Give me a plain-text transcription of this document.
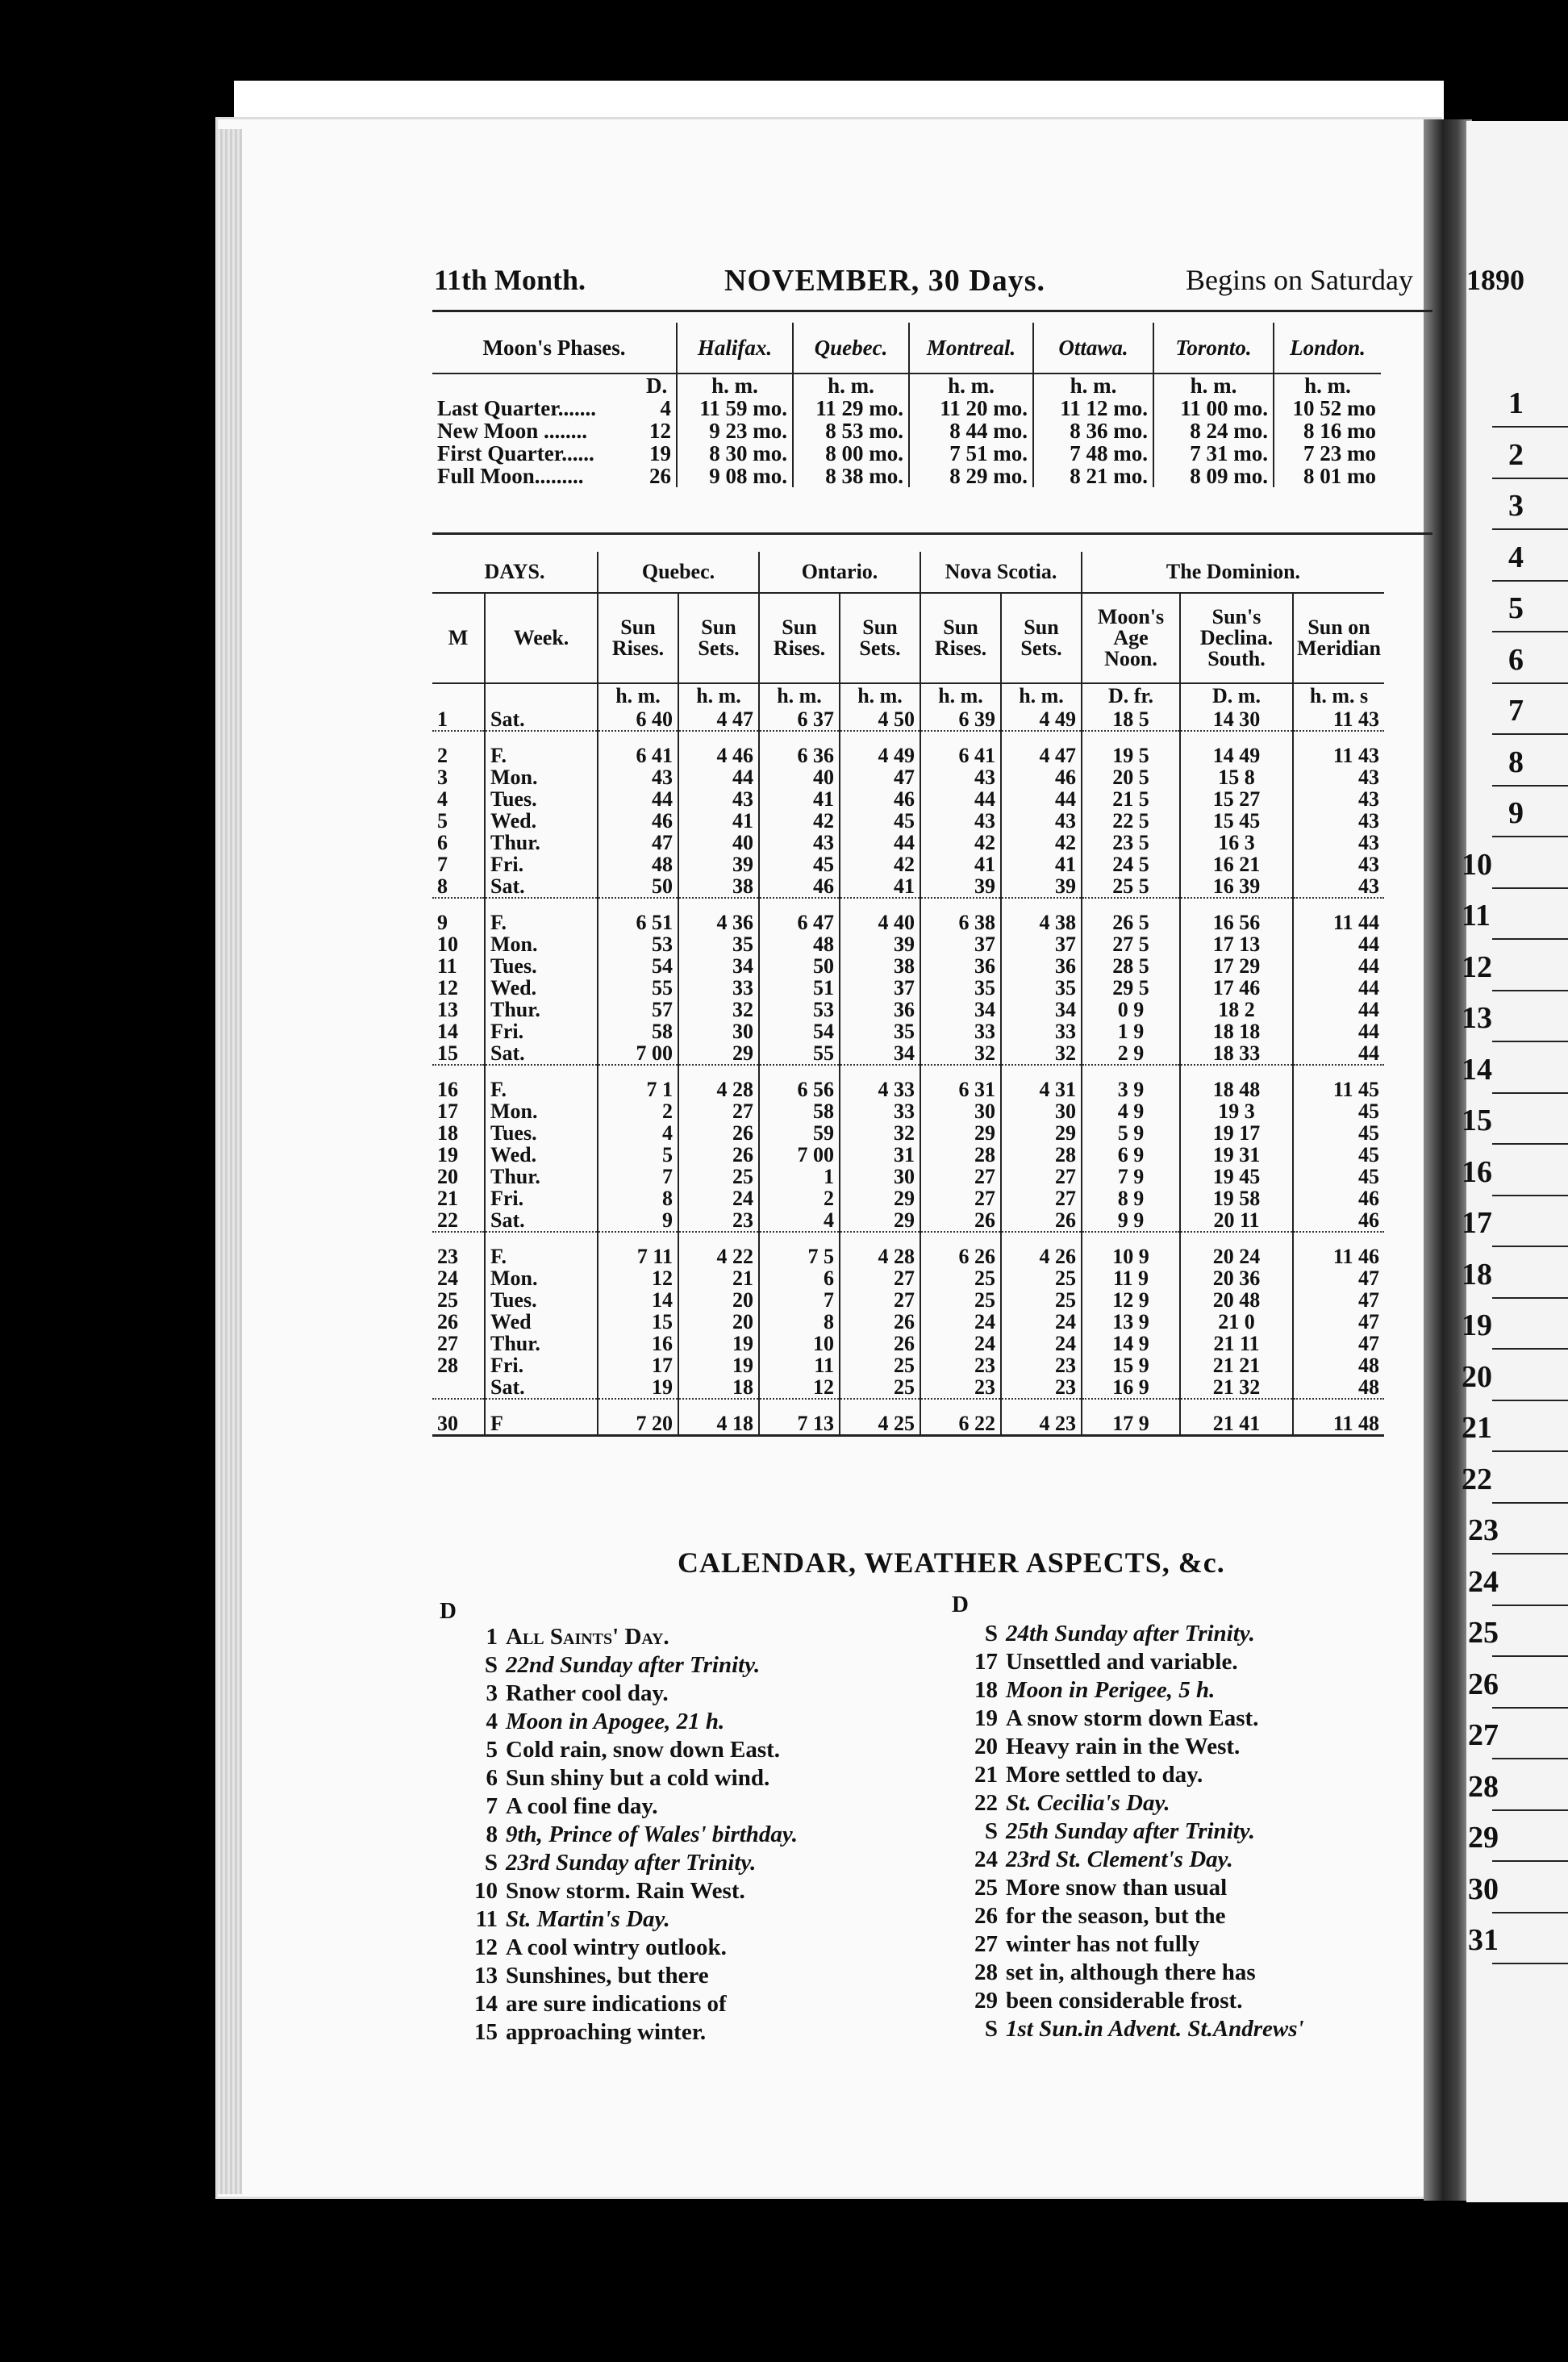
1
2
3
4
5
6
7
8
9
10
11
12
13
14
15
16
17
18
19
20
21
22
23
24
25
26
27
28
29
30
31
11th Month.	NOVEMBER, 30 Days.	Begins on Saturday 1890
Moon's Phases.		Halifax.	Quebec.	Montreal.	Ottawa.	Toronto.	London.
	D.	h. m.	h. m.	h. m.	h. m.	h. m.	h. m.
Last Quarter.......	4	11 59 mo.	11 29 mo.	11 20 mo.	11 12 mo.	11 00 mo.	10 52 mo
New Moon ........	12	9 23 mo.	8 53 mo.	8 44 mo.	8 36 mo.	8 24 mo.	8 16 mo
First Quarter......	19	8 30 mo.	8 00 mo.	7 51 mo.	7 48 mo.	7 31 mo.	7 23 mo
Full Moon.........	26	9 08 mo.	8 38 mo.	8 29 mo.	8 21 mo.	8 09 mo.	8 01 mo
DAYS.		Quebec.		Ontario.		Nova Scotia.		The Dominion.		
M	Week.	Sun Rises.	Sun Sets.	Sun Rises.	Sun Sets.	Sun Rises.	Sun Sets.	Moon's Age Noon.	Sun's Declina. South.	Sun on Meridian
		h. m.	h. m.	h. m.	h. m.	h. m.	h. m.	D. fr.	D. m.	h. m. s
1	Sat.	6 40	4 47	6 37	4 50	6 39	4 49	18 5	14 30	11 43

2	F.	6 41	4 46	6 36	4 49	6 41	4 47	19 5	14 49	11 43
3	Mon.	43	44	40	47	43	46	20 5	15 8	43
4	Tues.	44	43	41	46	44	44	21 5	15 27	43
5	Wed.	46	41	42	45	43	43	22 5	15 45	43
6	Thur.	47	40	43	44	42	42	23 5	16 3	43
7	Fri.	48	39	45	42	41	41	24 5	16 21	43
8	Sat.	50	38	46	41	39	39	25 5	16 39	43

9	F.	6 51	4 36	6 47	4 40	6 38	4 38	26 5	16 56	11 44
10	Mon.	53	35	48	39	37	37	27 5	17 13	44
11	Tues.	54	34	50	38	36	36	28 5	17 29	44
12	Wed.	55	33	51	37	35	35	29 5	17 46	44
13	Thur.	57	32	53	36	34	34	0 9	18 2	44
14	Fri.	58	30	54	35	33	33	1 9	18 18	44
15	Sat.	7 00	29	55	34	32	32	2 9	18 33	44

16	F.	7 1	4 28	6 56	4 33	6 31	4 31	3 9	18 48	11 45
17	Mon.	2	27	58	33	30	30	4 9	19 3	45
18	Tues.	4	26	59	32	29	29	5 9	19 17	45
19	Wed.	5	26	7 00	31	28	28	6 9	19 31	45
20	Thur.	7	25	1	30	27	27	7 9	19 45	45
21	Fri.	8	24	2	29	27	27	8 9	19 58	46
22	Sat.	9	23	4	29	26	26	9 9	20 11	46

23	F.	7 11	4 22	7 5	4 28	6 26	4 26	10 9	20 24	11 46
24	Mon.	12	21	6	27	25	25	11 9	20 36	47
25	Tues.	14	20	7	27	25	25	12 9	20 48	47
26	Wed	15	20	8	26	24	24	13 9	21 0	47
27	Thur.	16	19	10	26	24	24	14 9	21 11	47
28	Fri.	17	19	11	25	23	23	15 9	21 21	48
	Sat.	19	18	12	25	23	23	16 9	21 32	48

30	F	7 20	4 18	7 13	4 25	6 22	4 23	17 9	21 41	11 48
CALENDAR, WEATHER ASPECTS, &c.
D	D
1 All Saints' Day.
S 22nd Sunday after Trinity.
3 Rather cool day.
4 Moon in Apogee, 21 h.
5 Cold rain, snow down East.
6 Sun shiny but a cold wind.
7 A cool fine day.
8 9th, Prince of Wales' birthday.
S 23rd Sunday after Trinity.
10 Snow storm. Rain West.
11 St. Martin's Day.
12 A cool wintry outlook.
13 Sunshines, but there
14 are sure indications of
15 approaching winter.
S 24th Sunday after Trinity.
17 Unsettled and variable.
18 Moon in Perigee, 5 h.
19 A snow storm down East.
20 Heavy rain in the West.
21 More settled to day.
22 St. Cecilia's Day.
S 25th Sunday after Trinity.
24 23rd St. Clement's Day.
25 More snow than usual
26 for the season, but the
27 winter has not fully
28 set in, although there has
29 been considerable frost.
S 1st Sun.in Advent. St.Andrews'
